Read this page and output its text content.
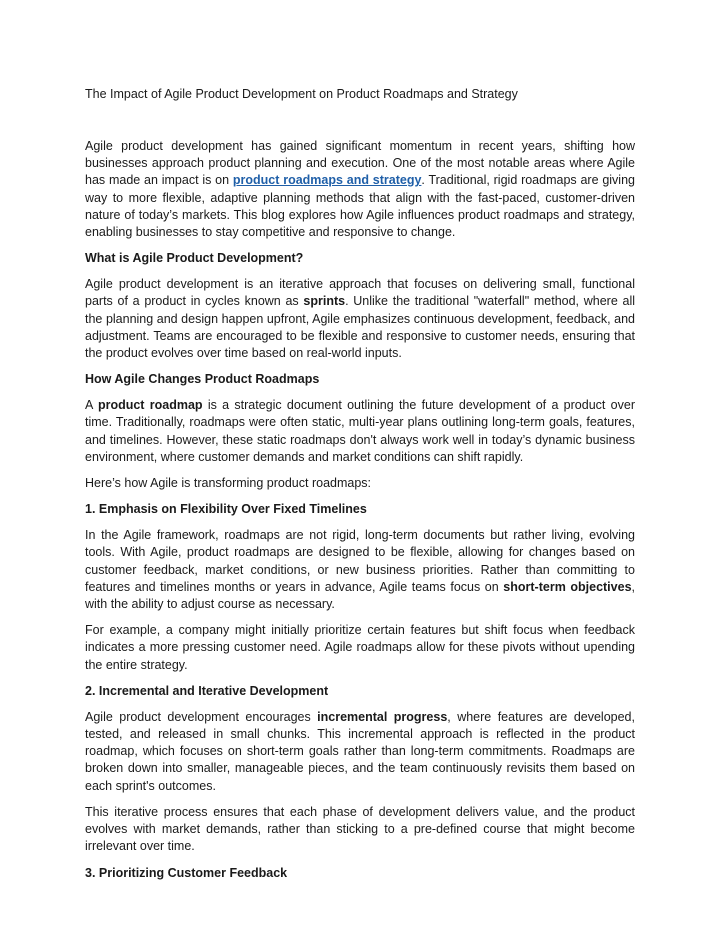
The Impact of Agile Product Development on Product Roadmaps and Strategy

Agile product development has gained significant momentum in recent years, shifting how businesses approach product planning and execution. One of the most notable areas where Agile has made an impact is on product roadmaps and strategy. Traditional, rigid roadmaps are giving way to more flexible, adaptive planning methods that align with the fast-paced, customer-driven nature of today’s markets. This blog explores how Agile influences product roadmaps and strategy, enabling businesses to stay competitive and responsive to change.

What is Agile Product Development?

Agile product development is an iterative approach that focuses on delivering small, functional parts of a product in cycles known as sprints. Unlike the traditional "waterfall" method, where all the planning and design happen upfront, Agile emphasizes continuous development, feedback, and adjustment. Teams are encouraged to be flexible and responsive to customer needs, ensuring that the product evolves over time based on real-world inputs.

How Agile Changes Product Roadmaps

A product roadmap is a strategic document outlining the future development of a product over time. Traditionally, roadmaps were often static, multi-year plans outlining long-term goals, features, and timelines. However, these static roadmaps don't always work well in today’s dynamic business environment, where customer demands and market conditions can shift rapidly.

Here’s how Agile is transforming product roadmaps:

1. Emphasis on Flexibility Over Fixed Timelines

In the Agile framework, roadmaps are not rigid, long-term documents but rather living, evolving tools. With Agile, product roadmaps are designed to be flexible, allowing for changes based on customer feedback, market conditions, or new business priorities. Rather than committing to features and timelines months or years in advance, Agile teams focus on short-term objectives, with the ability to adjust course as necessary.

For example, a company might initially prioritize certain features but shift focus when feedback indicates a more pressing customer need. Agile roadmaps allow for these pivots without upending the entire strategy.

2. Incremental and Iterative Development

Agile product development encourages incremental progress, where features are developed, tested, and released in small chunks. This incremental approach is reflected in the product roadmap, which focuses on short-term goals rather than long-term commitments. Roadmaps are broken down into smaller, manageable pieces, and the team continuously revisits them based on each sprint's outcomes.

This iterative process ensures that each phase of development delivers value, and the product evolves with market demands, rather than sticking to a pre-defined course that might become irrelevant over time.

3. Prioritizing Customer Feedback
